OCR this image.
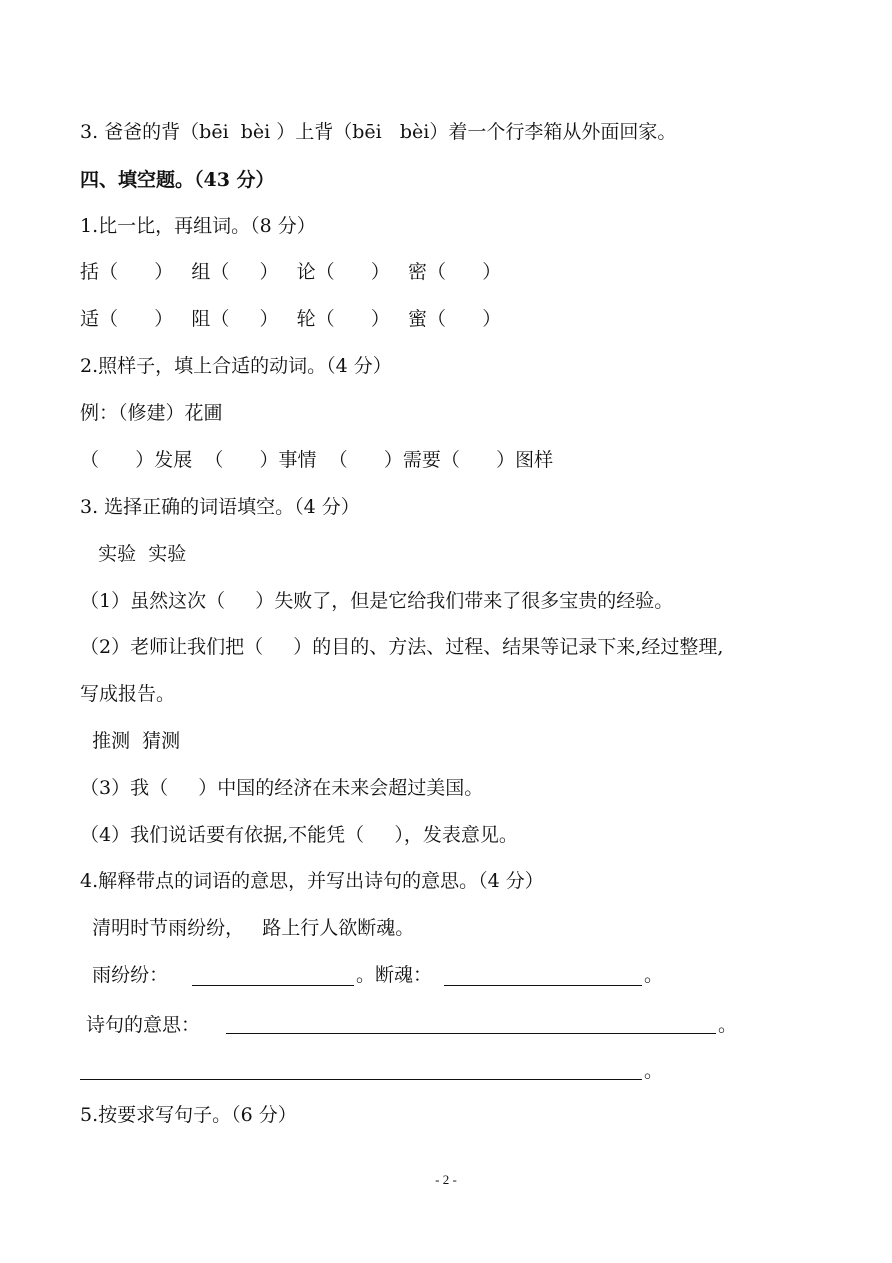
3. 爸爸的背（bēi  bèi ）上背（bēi   bèi）着一个行李箱从外面回家。
四、填空题。（43 分）
1.比一比，再组词。（8 分）
括（      ）   组（     ）   论（      ）   密（      ）
适（      ）   阻（     ）   轮（      ）   蜜（      ）
2.照样子，填上合适的动词。（4 分）
例：（修建）花圃
（      ）发展  （      ）事情  （      ）需要（      ）图样
3. 选择正确的词语填空。（4 分）
实验  实验
（1）虽然这次（     ）失败了，但是它给我们带来了很多宝贵的经验。
（2）老师让我们把（     ）的目的、方法、过程、结果等记录下来,经过整理,
写成报告。
推测  猜测
（3）我（     ）中国的经济在未来会超过美国。
（4）我们说话要有依据,不能凭（     ），发表意见。
4.解释带点的词语的意思，并写出诗句的意思。（4 分）
清明时节雨纷纷，   路上行人欲断魂。
雨纷纷：	。断魂：	。
诗句的意思：	。
。
5.按要求写句子。（6 分）
- 2 -
